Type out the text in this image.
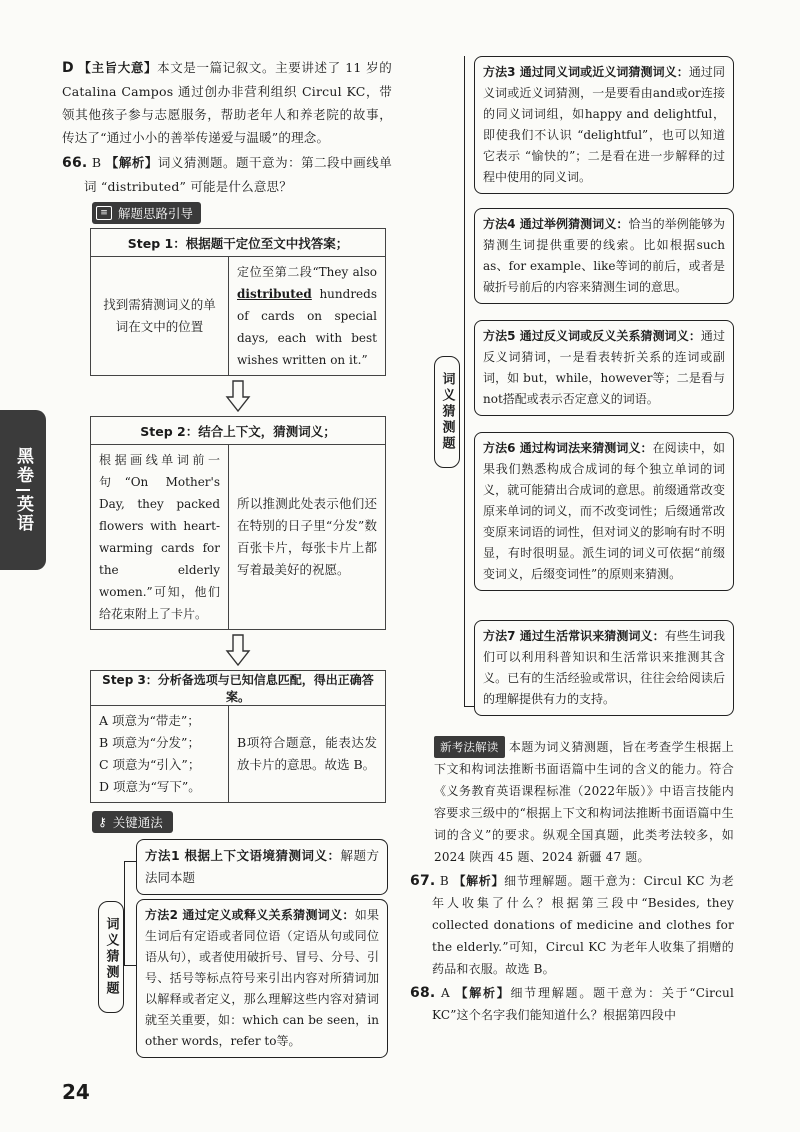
黑卷
英语

D 【主旨大意】本文是一篇记叙文。主要讲述了 11 岁的 Catalina Campos 通过创办非营利组织 Circul KC，带领其他孩子参与志愿服务，帮助老年人和养老院的故事，传达了“通过小小的善举传递爱与温暖”的理念。

66. B 【解析】词义猜测题。题干意为：第二段中画线单词 “distributed” 可能是什么意思？

≡ 解题思路引导
Step 1：根据题干定位至文中找答案；
找到需猜测词义的单词在文中的位置	定位至第二段“They also distributed hundreds of cards on special days, each with best wishes written on it.”
Step 2：结合上下文，猜测词义；
根据画线单词前一句“On Mother's Day, they packed flowers with heart-warming cards for the elderly women.”可知，他们给花束附上了卡片。	所以推测此处表示他们还在特别的日子里“分发”数百张卡片，每张卡片上都写着最美好的祝愿。
Step 3：分析备选项与已知信息匹配，得出正确答案。

A 项意为“带走”；
B 项意为“分发”；
C 项意为“引入”；
D 项意为“写下”。
	B项符合题意，能表达发放卡片的意思。故选 B。
⚷ 关键通法
词义猜测题
方法1 根据上下文语境猜测词义：解题方法同本题
方法2 通过定义或释义关系猜测词义：如果生词后有定语或者同位语（定语从句或同位语从句），或者使用破折号、冒号、分号、引号、括号等标点符号来引出内容对所猜词加以解释或者定义，那么理解这些内容对猜词就至关重要，如：which can be seen，in other words，refer to等。
词义猜测题
方法3 通过同义词或近义词猜测词义：通过同义词或近义词猜测，一是要看由and或or连接的同义词词组，如happy and delightful，即使我们不认识 “delightful”，也可以知道它表示 “愉快的”；二是看在进一步解释的过程中使用的同义词。
方法4 通过举例猜测词义：恰当的举例能够为猜测生词提供重要的线索。比如根据such as、for example、like等词的前后，或者是破折号前后的内容来猜测生词的意思。
方法5 通过反义词或反义关系猜测词义：通过反义词猜词，一是看表转折关系的连词或副词，如 but，while，however等；二是看与not搭配或表示否定意义的词语。
方法6 通过构词法来猜测词义：在阅读中，如果我们熟悉构成合成词的每个独立单词的词义，就可能猜出合成词的意思。前缀通常改变原来单词的词义，而不改变词性；后缀通常改变原来词语的词性，但对词义的影响有时不明显，有时很明显。派生词的词义可依据“前缀变词义，后缀变词性”的原则来猜测。
方法7 通过生活常识来猜测词义：有些生词我们可以利用科普知识和生活常识来推测其含义。已有的生活经验或常识，往往会给阅读后的理解提供有力的支持。

新考法解读 本题为词义猜测题，旨在考查学生根据上下文和构词法推断书面语篇中生词的含义的能力。符合《义务教育英语课程标准（2022年版）》中语言技能内容要求三级中的“根据上下文和构词法推断书面语篇中生词的含义”的要求。纵观全国真题，此类考法较多，如 2024 陕西 45 题、2024 新疆 47 题。

67. B 【解析】细节理解题。题干意为：Circul KC 为老年人收集了什么？根据第三段中“Besides, they collected donations of medicine and clothes for the elderly.”可知，Circul KC 为老年人收集了捐赠的药品和衣服。故选 B。

68. A 【解析】细节理解题。题干意为：关于“Circul KC”这个名字我们能知道什么？根据第四段中

24
